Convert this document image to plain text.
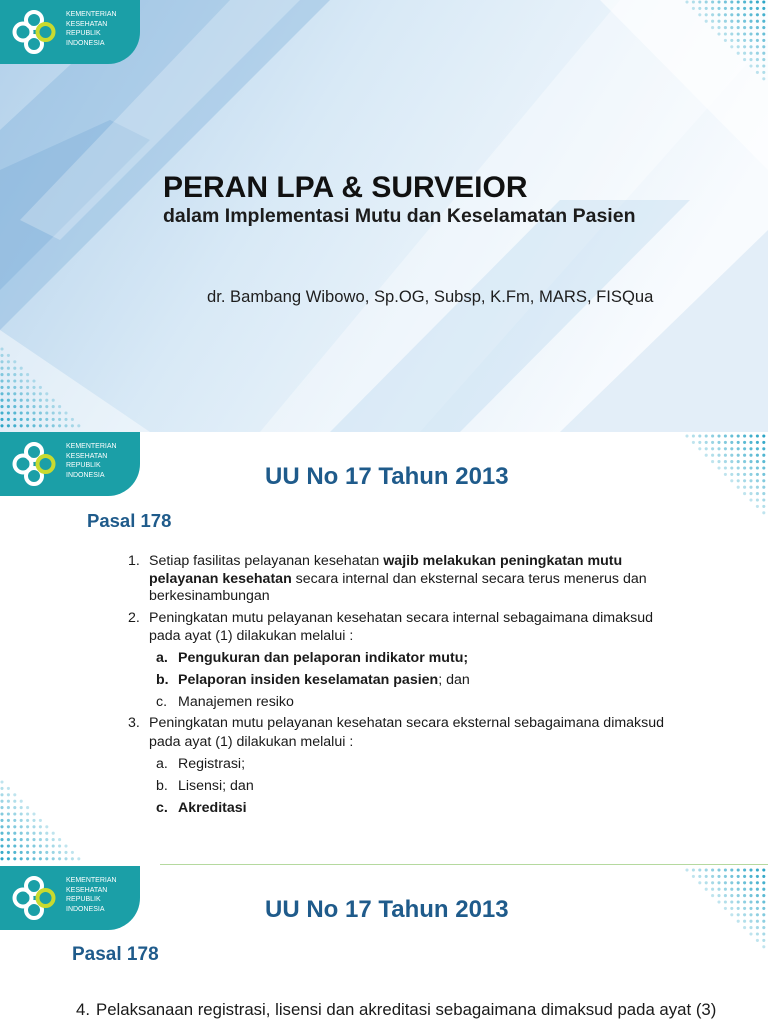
KEMENTERIAN
KESEHATAN
REPUBLIK
INDONESIA
PERAN LPA & SURVEIOR
dalam Implementasi Mutu dan Keselamatan Pasien
dr. Bambang Wibowo, Sp.OG, Subsp, K.Fm, MARS, FISQua
KEMENTERIAN
KESEHATAN
REPUBLIK
INDONESIA	UU No 17 Tahun 2013
Pasal 178
1. Setiap fasilitas pelayanan kesehatan wajib melakukan peningkatan mutu
pelayanan kesehatan secara internal dan eksternal secara terus menerus dan
berkesinambungan
2. Peningkatan mutu pelayanan kesehatan secara internal sebagaimana dimaksud
pada ayat (1) dilakukan melalui :
a. Pengukuran dan pelaporan indikator mutu;
b. Pelaporan insiden keselamatan pasien; dan
c. Manajemen resiko
3. Peningkatan mutu pelayanan kesehatan secara eksternal sebagaimana dimaksud
pada ayat (1) dilakukan melalui :
a. Registrasi;
b. Lisensi; dan
c. Akreditasi
KEMENTERIAN
KESEHATAN
REPUBLIK
INDONESIA	UU No 17 Tahun 2013
Pasal 178
4. Pelaksanaan registrasi, lisensi dan akreditasi sebagaimana dimaksud pada ayat (3)
